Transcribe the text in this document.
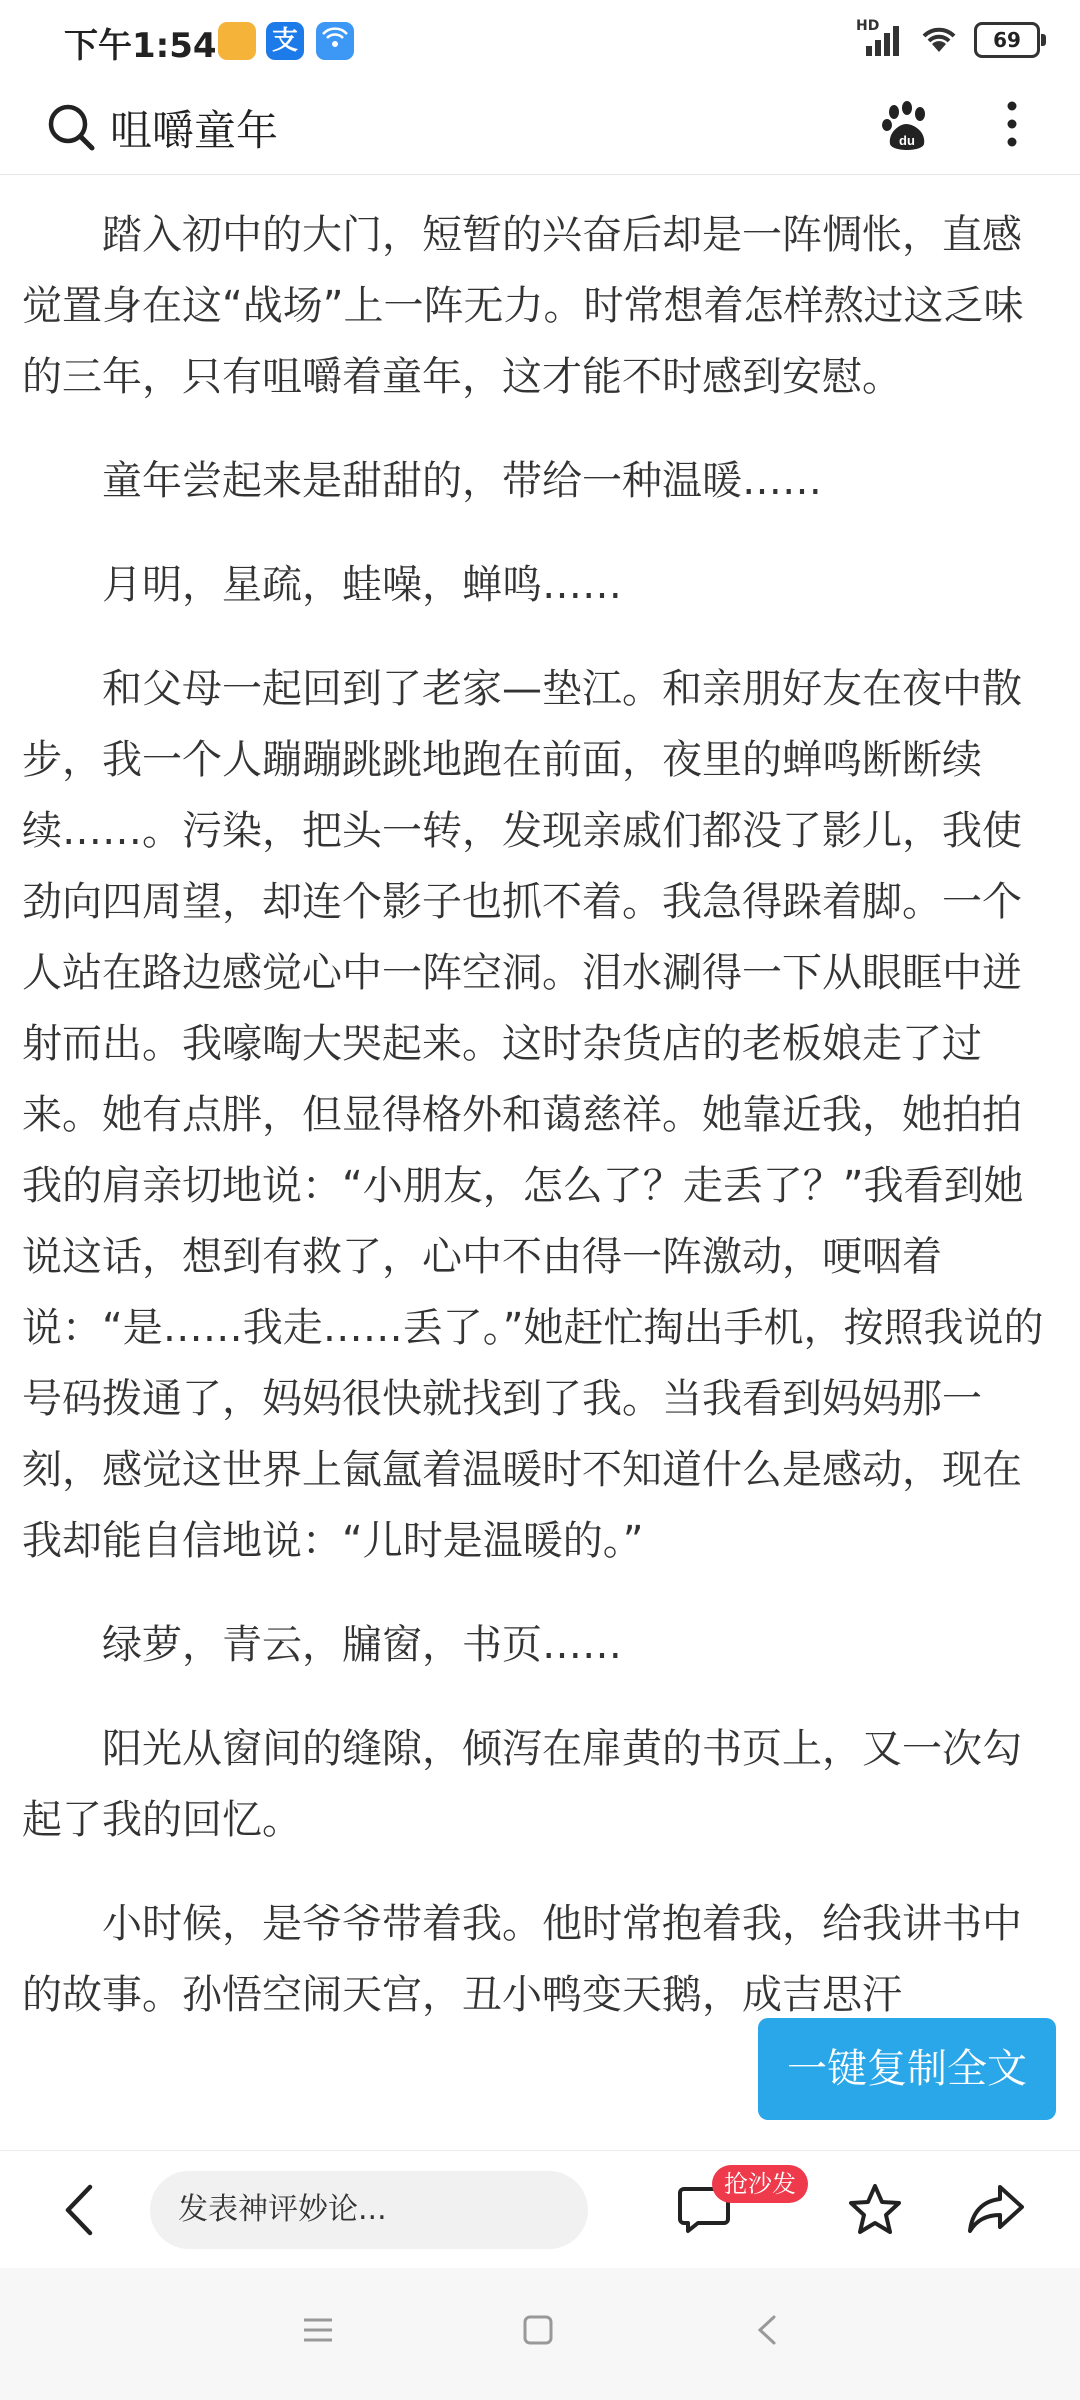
下午1:54 支	HD
69
咀嚼童年	du

踏入初中的大门，短暂的兴奋后却是一阵惆怅，直感觉置身在这“战场”上一阵无力。时常想着怎样熬过这乏味的三年，只有咀嚼着童年，这才能不时感到安慰。

童年尝起来是甜甜的，带给一种温暖……

月明，星疏，蛙噪，蝉鸣……

和父母一起回到了老家—垫江。和亲朋好友在夜中散步，我一个人蹦蹦跳跳地跑在前面，夜里的蝉鸣断断续续……。污染，把头一转，发现亲戚们都没了影儿，我使劲向四周望，却连个影子也抓不着。我急得跺着脚。一个人站在路边感觉心中一阵空洞。泪水涮得一下从眼眶中迸射而出。我嚎啕大哭起来。这时杂货店的老板娘走了过来。她有点胖，但显得格外和蔼慈祥。她靠近我，她拍拍我的肩亲切地说：“小朋友，怎么了？走丢了？”我看到她说这话，想到有救了，心中不由得一阵激动，哽咽着说：“是……我走……丢了。”她赶忙掏出手机，按照我说的号码拨通了，妈妈很快就找到了我。当我看到妈妈那一刻，感觉这世界上氤氲着温暖时不知道什么是感动，现在我却能自信地说：“儿时是温暖的。”

绿萝，青云，牖窗，书页……

阳光从窗间的缝隙，倾泻在扉黄的书页上，又一次勾起了我的回忆。

小时候，是爷爷带着我。他时常抱着我，给我讲书中的故事。孙悟空闹天宫，丑小鸭变天鹅，成吉思汗

一键复制全文
发表神评妙论...
抢沙发
